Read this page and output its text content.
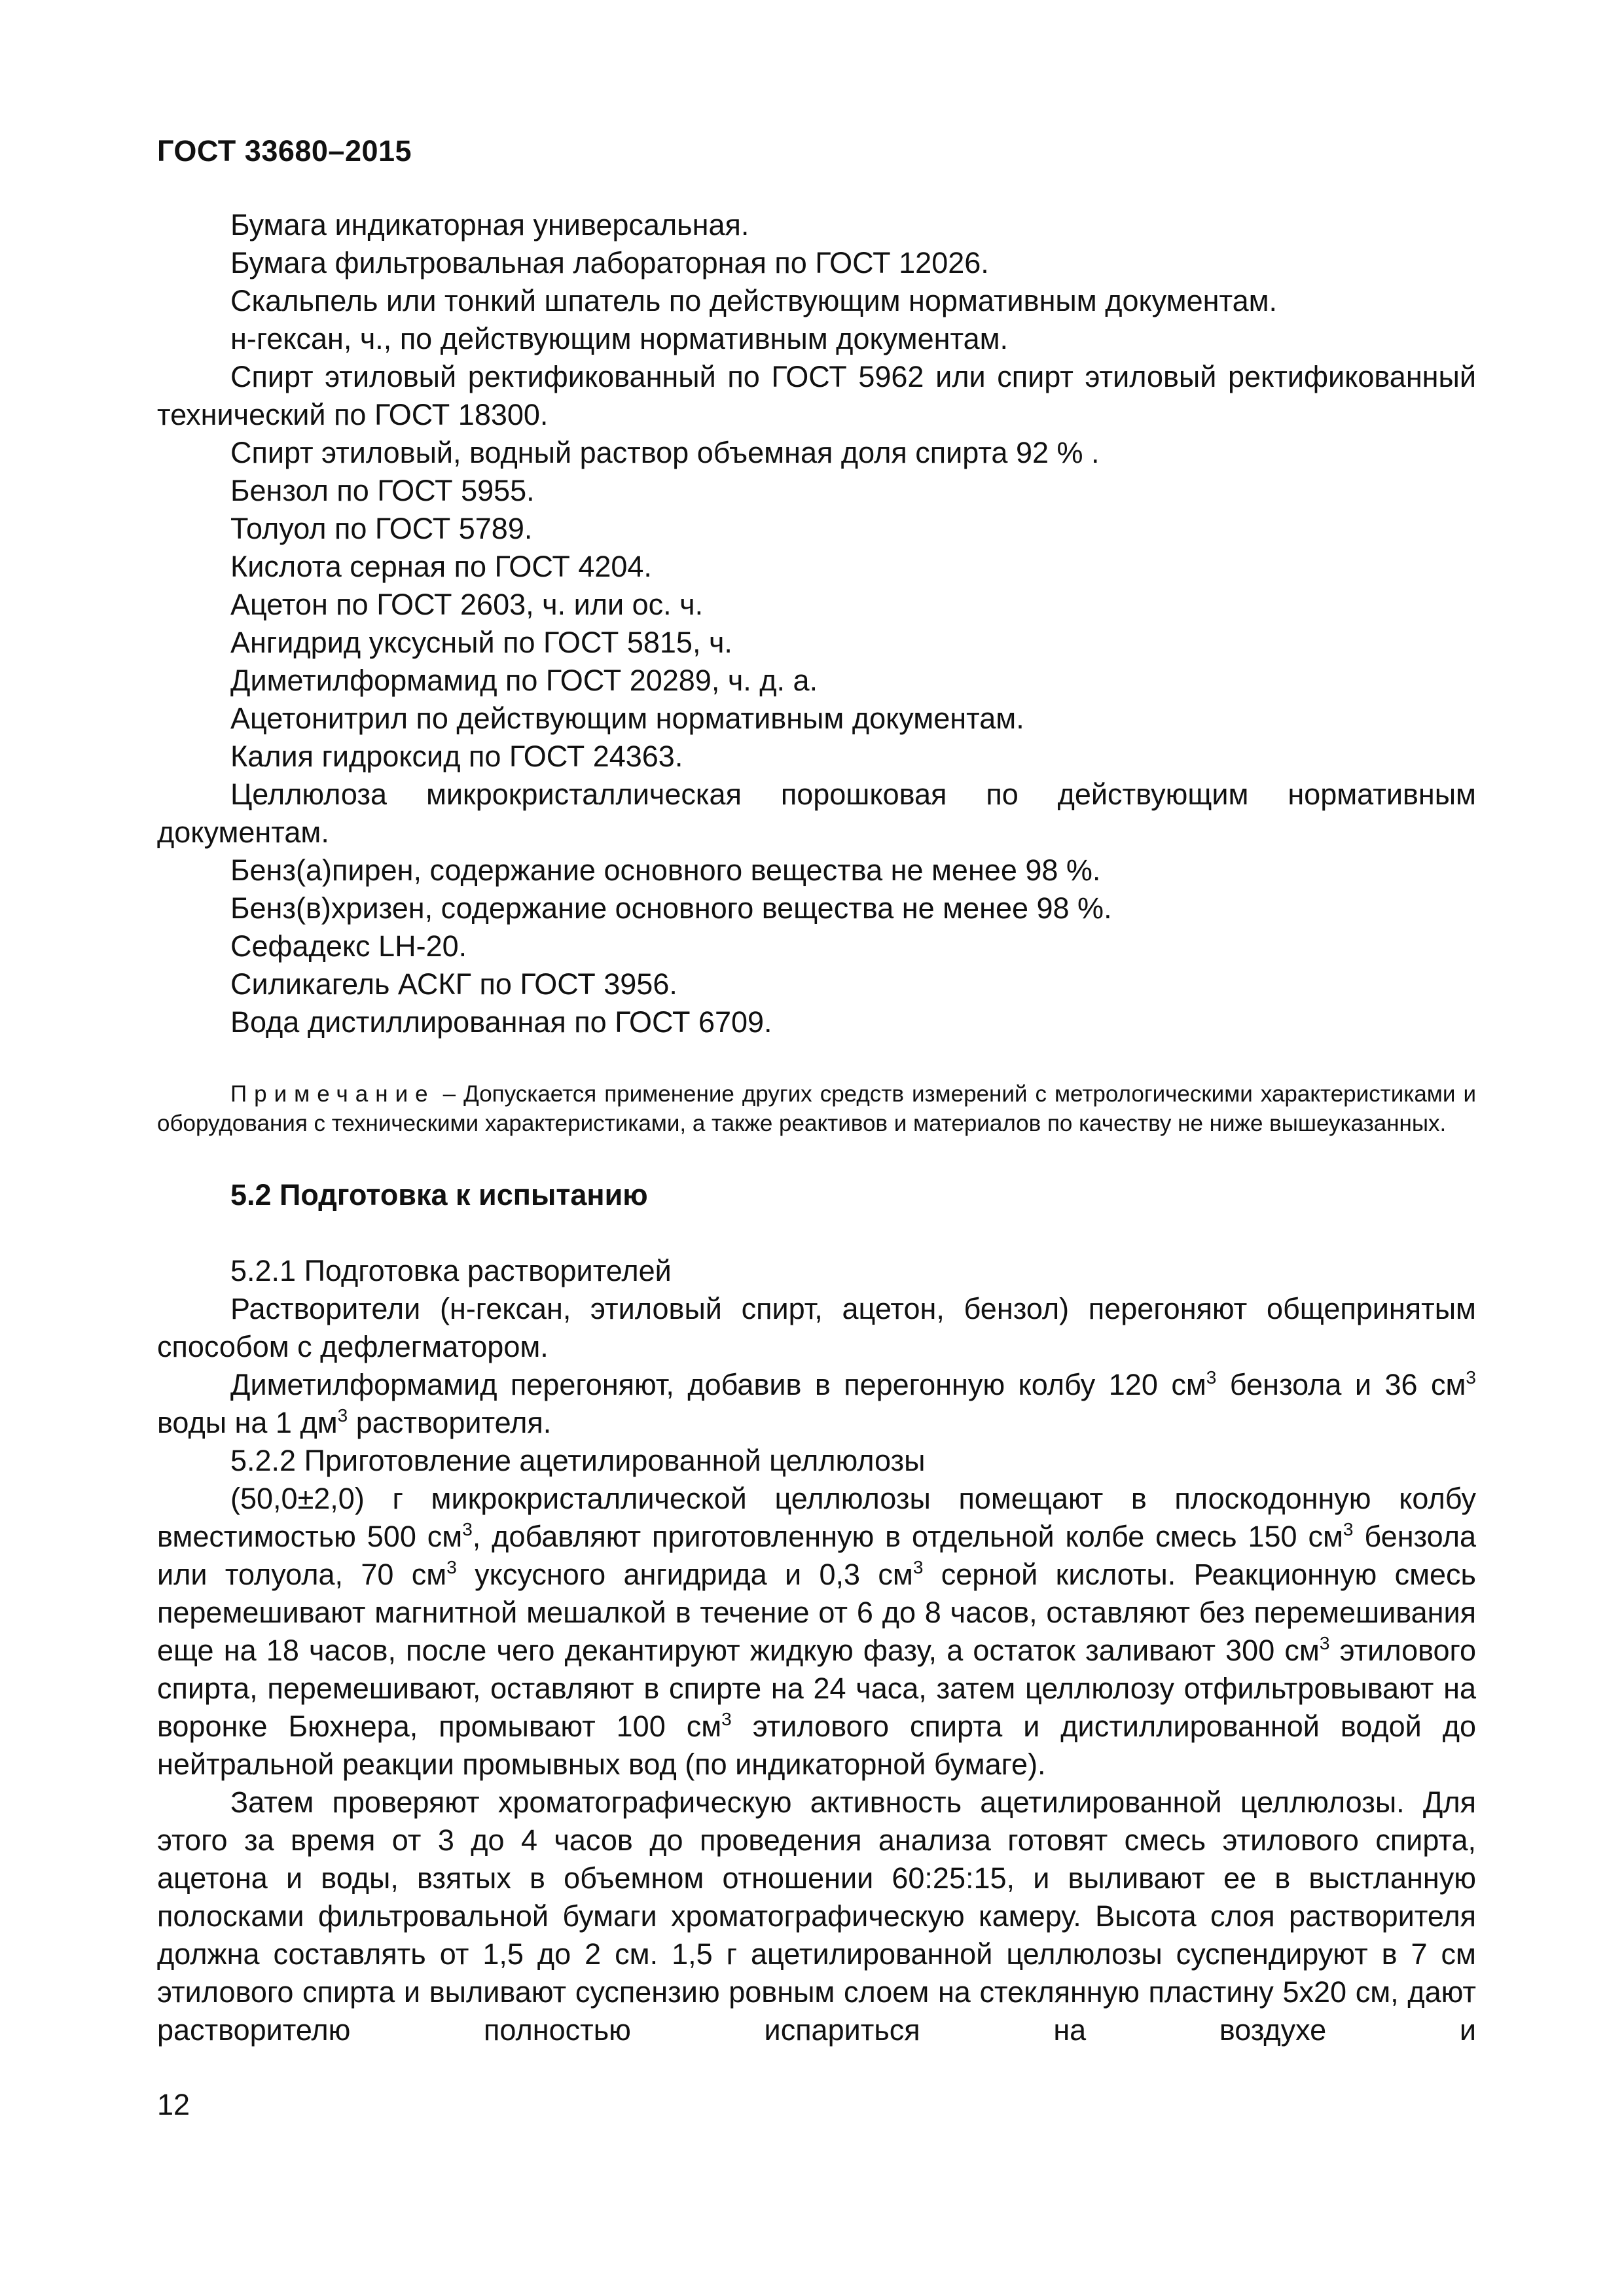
ГОСТ 33680–2015

Бумага индикаторная универсальная.

Бумага фильтровальная лабораторная по ГОСТ 12026.

Скальпель или тонкий шпатель по действующим нормативным документам.

н-гексан, ч., по действующим нормативным документам.

Спирт этиловый ректификованный по ГОСТ 5962 или спирт этиловый ректификованный технический по ГОСТ 18300.

Спирт этиловый, водный раствор объемная доля спирта 92 % .

Бензол по ГОСТ 5955.

Толуол по ГОСТ 5789.

Кислота серная по ГОСТ 4204.

Ацетон по ГОСТ 2603, ч. или ос. ч.

Ангидрид уксусный по ГОСТ 5815, ч.

Диметилформамид по ГОСТ 20289, ч. д. а.

Ацетонитрил по действующим нормативным документам.

Калия гидроксид по ГОСТ 24363.

Целлюлоза микрокристаллическая порошковая по действующим нормативным документам.

Бенз(а)пирен, содержание основного вещества не менее 98 %.

Бенз(в)хризен, содержание основного вещества не менее 98 %.

Сефадекс LH-20.

Силикагель АСКГ по ГОСТ 3956.

Вода дистиллированная по ГОСТ 6709.

Примечание – Допускается применение других средств измерений с метрологическими характеристиками и оборудования с техническими характеристиками, а также реактивов и материалов по качеству не ниже вышеуказанных.

5.2 Подготовка к испытанию

5.2.1 Подготовка растворителей

Растворители (н-гексан, этиловый спирт, ацетон, бензол) перегоняют общепринятым способом с дефлегматором.

Диметилформамид перегоняют, добавив в перегонную колбу 120 $см^3$ бензола и 36 $см^3$ воды на 1 $дм^3$ растворителя.

5.2.2 Приготовление ацетилированной целлюлозы

(50,0±2,0) г микрокристаллической целлюлозы помещают в плоскодонную колбу вместимостью 500 $см^3$, добавляют приготовленную в отдельной колбе смесь 150 $см^3$ бензола или толуола, 70 $см^3$ уксусного ангидрида и 0,3 $см^3$ серной кислоты. Реакционную смесь перемешивают магнитной мешалкой в течение от 6 до 8 часов, оставляют без перемешивания еще на 18 часов, после чего декантируют жидкую фазу, а остаток заливают 300 $см^3$ этилового спирта, перемешивают, оставляют в спирте на 24 часа, затем целлюлозу отфильтровывают на воронке Бюхнера, промывают 100 $см^3$ этилового спирта и дистиллированной водой до нейтральной реакции промывных вод (по индикаторной бумаге).

Затем проверяют хроматографическую активность ацетилированной целлюлозы. Для этого за время от 3 до 4 часов до проведения анализа готовят смесь этилового спирта, ацетона и воды, взятых в объемном отношении 60:25:15, и выливают ее в выстланную полосками фильтровальной бумаги хроматографическую камеру. Высота слоя растворителя должна составлять от 1,5 до 2 см. 1,5 г ацетилированной целлюлозы суспендируют в 7 см этилового спирта и выливают суспензию ровным слоем на стеклянную пластину 5х20 см, дают растворителю полностью испариться на воздухе и

12
